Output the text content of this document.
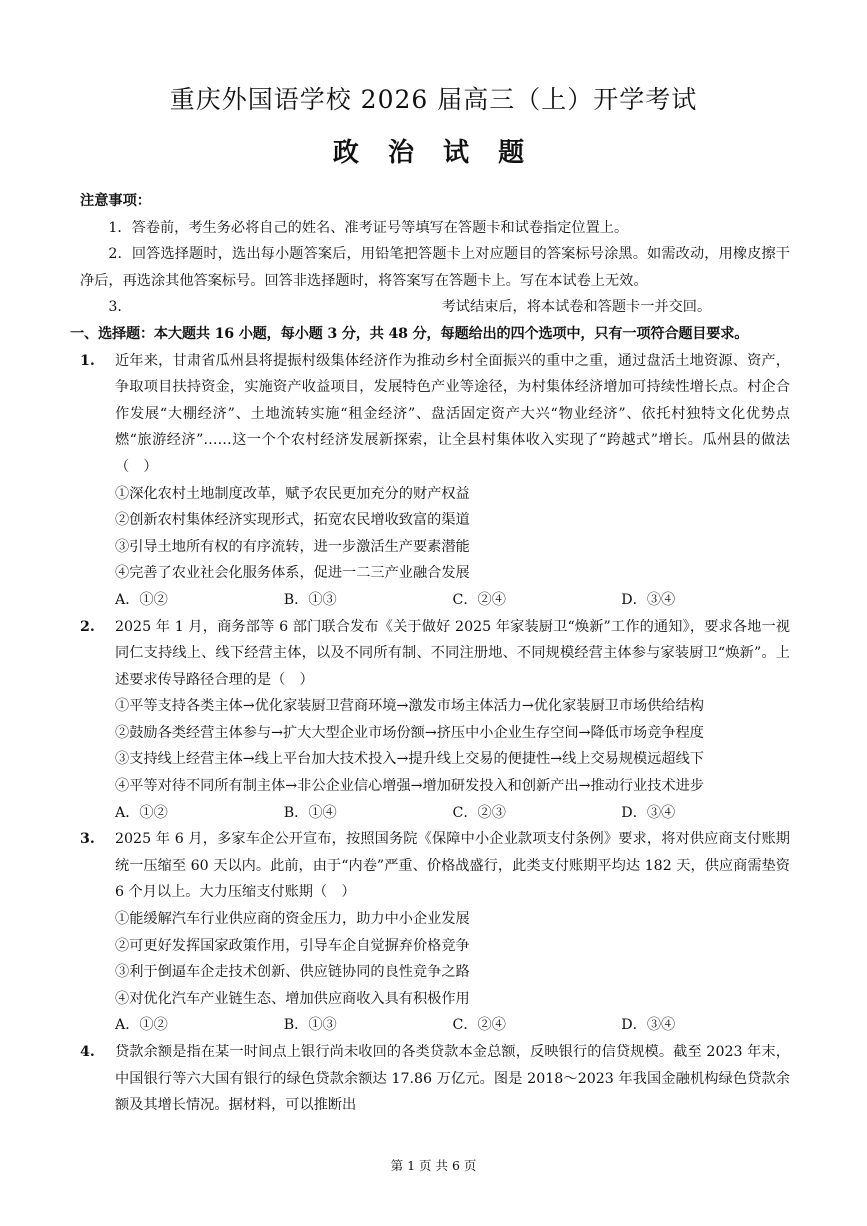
重庆外国语学校 2026 届高三（上）开学考试
政 治 试 题
注意事项：
1．答卷前，考生务必将自己的姓名、准考证号等填写在答题卡和试卷指定位置上。
2．回答选择题时，选出每小题答案后，用铅笔把答题卡上对应题目的答案标号涂黑。如需改动，用橡皮擦干净后，再选涂其他答案标号。回答非选择题时，将答案写在答题卡上。写在本试卷上无效。
3．	考试结束后，将本试卷和答题卡一并交回。
一、选择题：本大题共 16 小题，每小题 3 分，共 48 分，每题给出的四个选项中，只有一项符合题目要求。
1. 近年来，甘肃省瓜州县将提振村级集体经济作为推动乡村全面振兴的重中之重，通过盘活土地资源、资产，争取项目扶持资金，实施资产收益项目，发展特色产业等途径，为村集体经济增加可持续性增长点。村企合作发展“大棚经济”、土地流转实施“租金经济”、盘活固定资产大兴“物业经济”、依托村独特文化优势点燃“旅游经济”……这一个个农村经济发展新探索，让全县村集体收入实现了“跨越式”增长。瓜州县的做法（　）
①深化农村土地制度改革，赋予农民更加充分的财产权益
②创新农村集体经济实现形式，拓宽农民增收致富的渠道
③引导土地所有权的有序流转，进一步激活生产要素潜能
④完善了农业社会化服务体系，促进一二三产业融合发展
A．①②	B．①③	C．②④	D．③④
2. 2025 年 1 月，商务部等 6 部门联合发布《关于做好 2025 年家装厨卫“焕新”工作的通知》，要求各地一视同仁支持线上、线下经营主体，以及不同所有制、不同注册地、不同规模经营主体参与家装厨卫“焕新”。上述要求传导路径合理的是（　）
①平等支持各类主体→优化家装厨卫营商环境→激发市场主体活力→优化家装厨卫市场供给结构
②鼓励各类经营主体参与→扩大大型企业市场份额→挤压中小企业生存空间→降低市场竞争程度
③支持线上经营主体→线上平台加大技术投入→提升线上交易的便捷性→线上交易规模远超线下
④平等对待不同所有制主体→非公企业信心增强→增加研发投入和创新产出→推动行业技术进步
A．①②	B．①④	C．②③	D．③④
3. 2025 年 6 月，多家车企公开宣布，按照国务院《保障中小企业款项支付条例》要求，将对供应商支付账期统一压缩至 60 天以内。此前，由于“内卷”严重、价格战盛行，此类支付账期平均达 182 天，供应商需垫资 6 个月以上。大力压缩支付账期（　）
①能缓解汽车行业供应商的资金压力，助力中小企业发展
②可更好发挥国家政策作用，引导车企自觉摒弃价格竞争
③利于倒逼车企走技术创新、供应链协同的良性竞争之路
④对优化汽车产业链生态、增加供应商收入具有积极作用
A．①②	B．①③	C．②④	D．③④
4. 贷款余额是指在某一时间点上银行尚未收回的各类贷款本金总额，反映银行的信贷规模。截至 2023 年末，中国银行等六大国有银行的绿色贷款余额达 17.86 万亿元。图是 2018～2023 年我国金融机构绿色贷款余额及其增长情况。据材料，可以推断出
第 1 页 共 6 页
